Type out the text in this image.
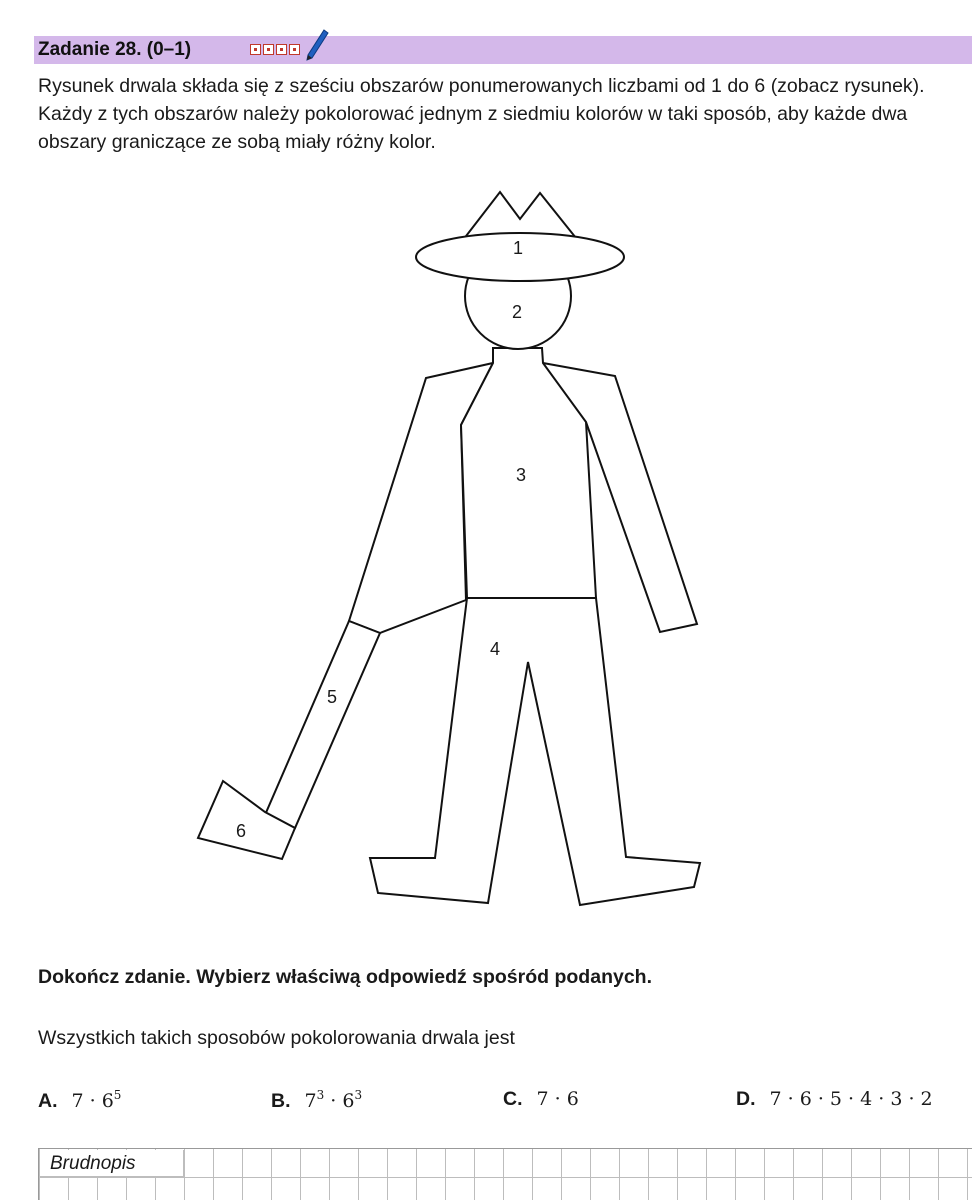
Zadanie 28. (0–1)
Rysunek drwala składa się z sześciu obszarów ponumerowanych liczbami od 1 do 6 (zobacz rysunek). Każdy z tych obszarów należy pokolorować jednym z siedmiu kolorów w taki sposób, aby każde dwa obszary graniczące ze sobą miały różny kolor.
1
2
3
4
5
6
Dokończ zdanie. Wybierz właściwą odpowiedź spośród podanych.
Wszystkich takich sposobów pokolorowania drwala jest
A. $7 \cdot 6^5$	B. $7^3 \cdot 6^3$	C. 7 · 6	D. 7 · 6 · 5 · 4 · 3 · 2
Brudnopis
